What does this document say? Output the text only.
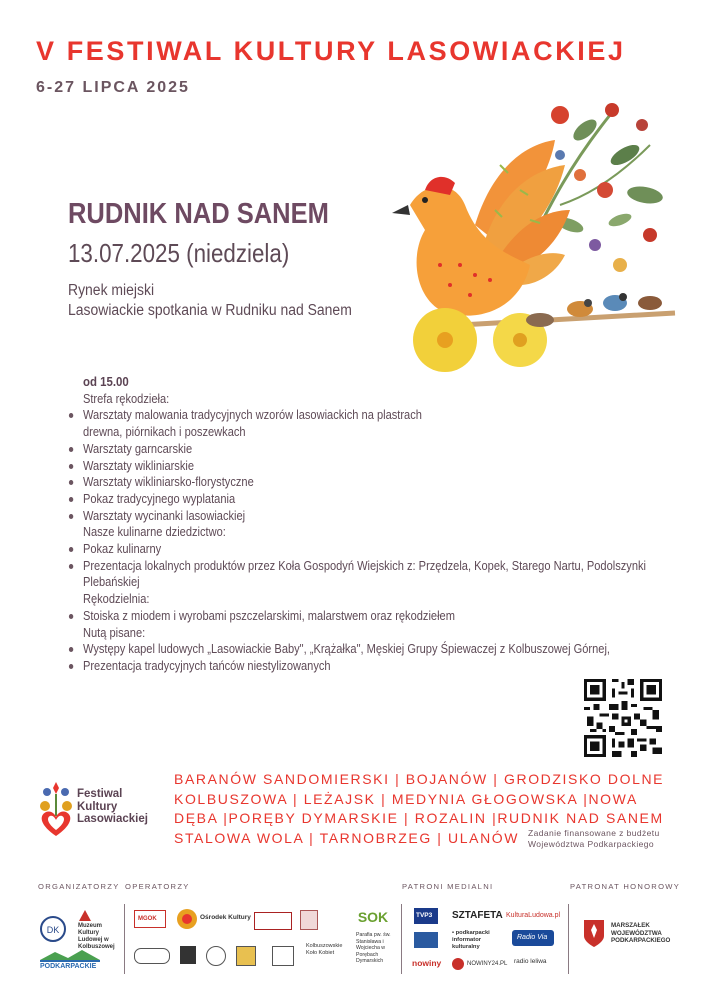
V FESTIWAL KULTURY LASOWIACKIEJ
6-27 LIPCA 2025
RUDNIK NAD SANEM
13.07.2025 (niedziela)
Rynek miejski
Lasowiackie spotkania w Rudniku nad Sanem
od 15.00
Strefa rękodzieła:
Warsztaty malowania tradycyjnych wzorów lasowiackich na plastrach
drewna, piórnikach i poszewkach
Warsztaty garncarskie
Warsztaty wikliniarskie
Warsztaty wikliniarsko-florystyczne
Pokaz tradycyjnego wyplatania
Warsztaty wycinanki lasowiackiej
Nasze kulinarne dziedzictwo:
Pokaz kulinarny
Prezentacja lokalnych produktów przez Koła Gospodyń Wiejskich z: Przędzela, Kopek, Starego Nartu, Podolszynki Plebańskiej
Rękodzielnia:
Stoiska z miodem i wyrobami pszczelarskimi, malarstwem oraz rękodziełem
Nutą pisane:
Występy kapel ludowych „Lasowiackie Baby", „Krążałka", Męskiej Grupy Śpiewaczej z Kolbuszowej Górnej,
Prezentacja tradycyjnych tańców niestylizowanych
Festiwal
Kultury
Lasowiackiej
BARANÓW SANDOMIERSKI | BOJANÓW | GRODZISKO DOLNE
KOLBUSZOWA | LEŻAJSK | MEDYNIA GŁOGOWSKA |NOWA
DĘBA |PORĘBY DYMARSKIE | ROZALIN |RUDNIK NAD SANEM
STALOWA WOLA | TARNOBRZEG | ULANÓW	Zadanie finansowane z budżetu
Województwa Podkarpackiego
ORGANIZATORZY OPERATORZY	PATRONI MEDIALNI	PATRONAT HONOROWY
DK	Muzeum Kultury Ludowej w Kolbuszowej
PODKARPACKIE
MGOK	Ośrodek Kultury	SOK
Kolbuszowskie Koło Kobiet
Parafia pw. św. Stanisława i Wojciecha w Porębach Dymarskich
TVP3 SZTAFETA KulturaLudowa.pl
• podkarpacki informator kulturalny
Radio Via
nowiny	NOWINY24.PL radio leliwa
MARSZAŁEK WOJEWÓDZTWA PODKARPACKIEGO
